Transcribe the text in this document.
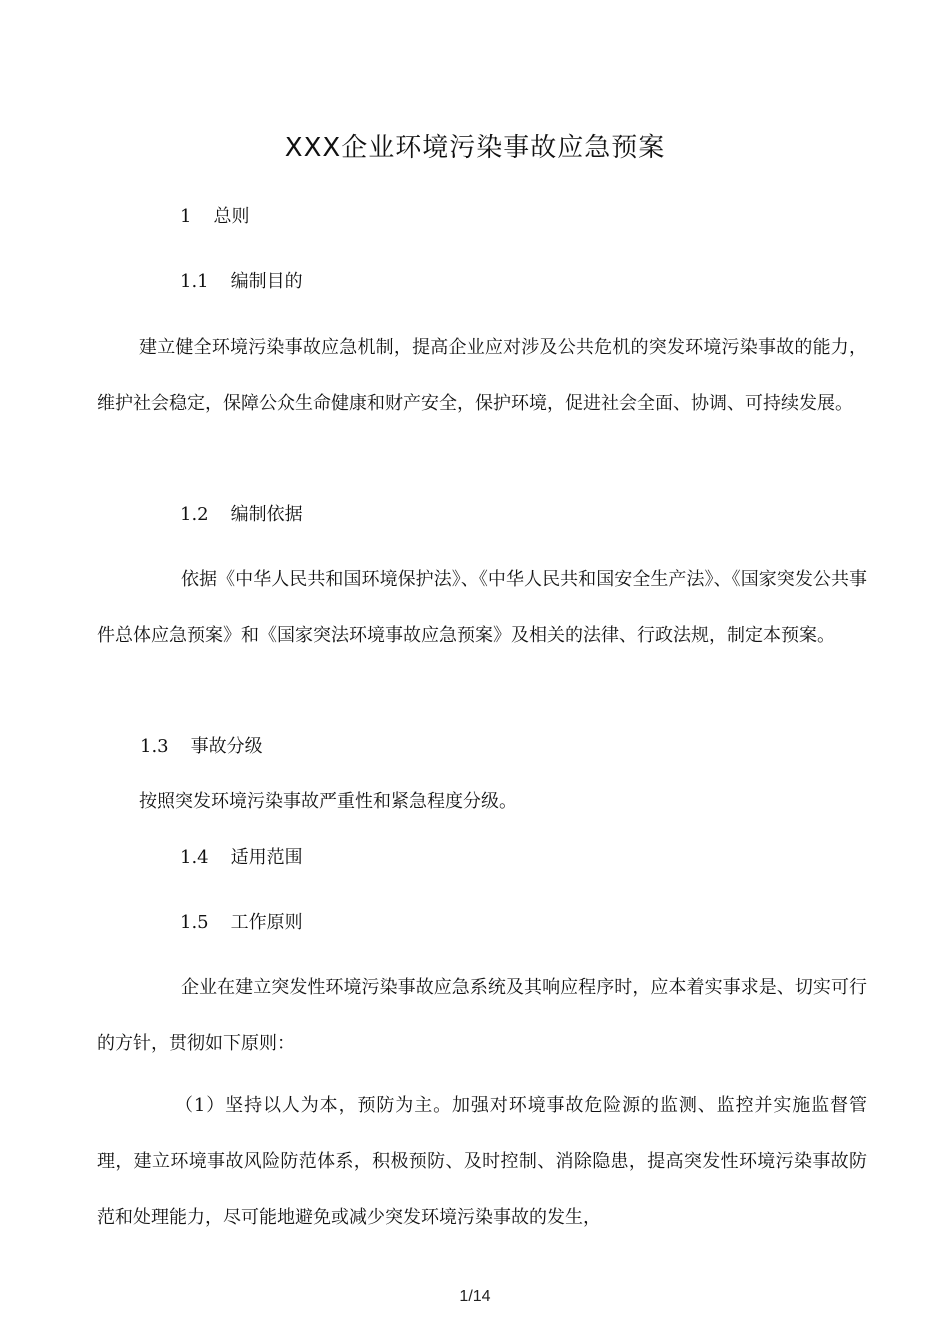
XXX企业环境污染事故应急预案
1 总则
1.1 编制目的

建立健全环境污染事故应急机制，提高企业应对涉及公共危机的突发环境污染事故的能力，维护社会稳定，保障公众生命健康和财产安全，保护环境，促进社会全面、协调、可持续发展。

1.2 编制依据

依据《中华人民共和国环境保护法》、《中华人民共和国安全生产法》、《国家突发公共事件总体应急预案》和《国家突法环境事故应急预案》及相关的法律、行政法规，制定本预案。

1.3 事故分级

按照突发环境污染事故严重性和紧急程度分级。

1.4 适用范围
1.5 工作原则

企业在建立突发性环境污染事故应急系统及其响应程序时，应本着实事求是、切实可行的方针，贯彻如下原则：

（1）坚持以人为本，预防为主。加强对环境事故危险源的监测、监控并实施监督管理，建立环境事故风险防范体系，积极预防、及时控制、消除隐患，提高突发性环境污染事故防范和处理能力，尽可能地避免或减少突发环境污染事故的发生，

1/14
